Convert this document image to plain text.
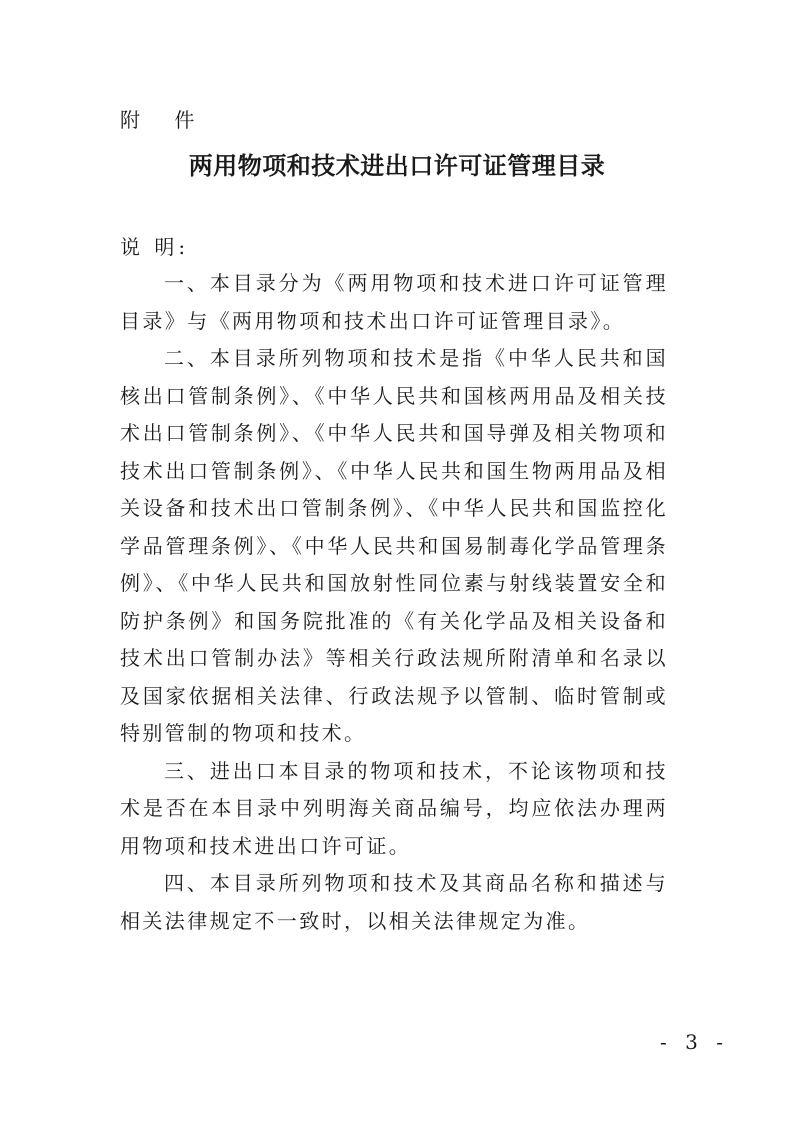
附 件
两用物项和技术进出口许可证管理目录
说 明:

一、本目录分为《两用物项和技术进口许可证管理目录》与《两用物项和技术出口许可证管理目录》。

二、本目录所列物项和技术是指《中华人民共和国核出口管制条例》、《中华人民共和国核两用品及相关技术出口管制条例》、《中华人民共和国导弹及相关物项和技术出口管制条例》、《中华人民共和国生物两用品及相关设备和技术出口管制条例》、《中华人民共和国监控化学品管理条例》、《中华人民共和国易制毒化学品管理条例》、《中华人民共和国放射性同位素与射线装置安全和防护条例》和国务院批准的《有关化学品及相关设备和技术出口管制办法》等相关行政法规所附清单和名录以及国家依据相关法律、行政法规予以管制、临时管制或特别管制的物项和技术。

三、进出口本目录的物项和技术，不论该物项和技术是否在本目录中列明海关商品编号，均应依法办理两用物项和技术进出口许可证。

四、本目录所列物项和技术及其商品名称和描述与相关法律规定不一致时，以相关法律规定为准。

- 3 -
